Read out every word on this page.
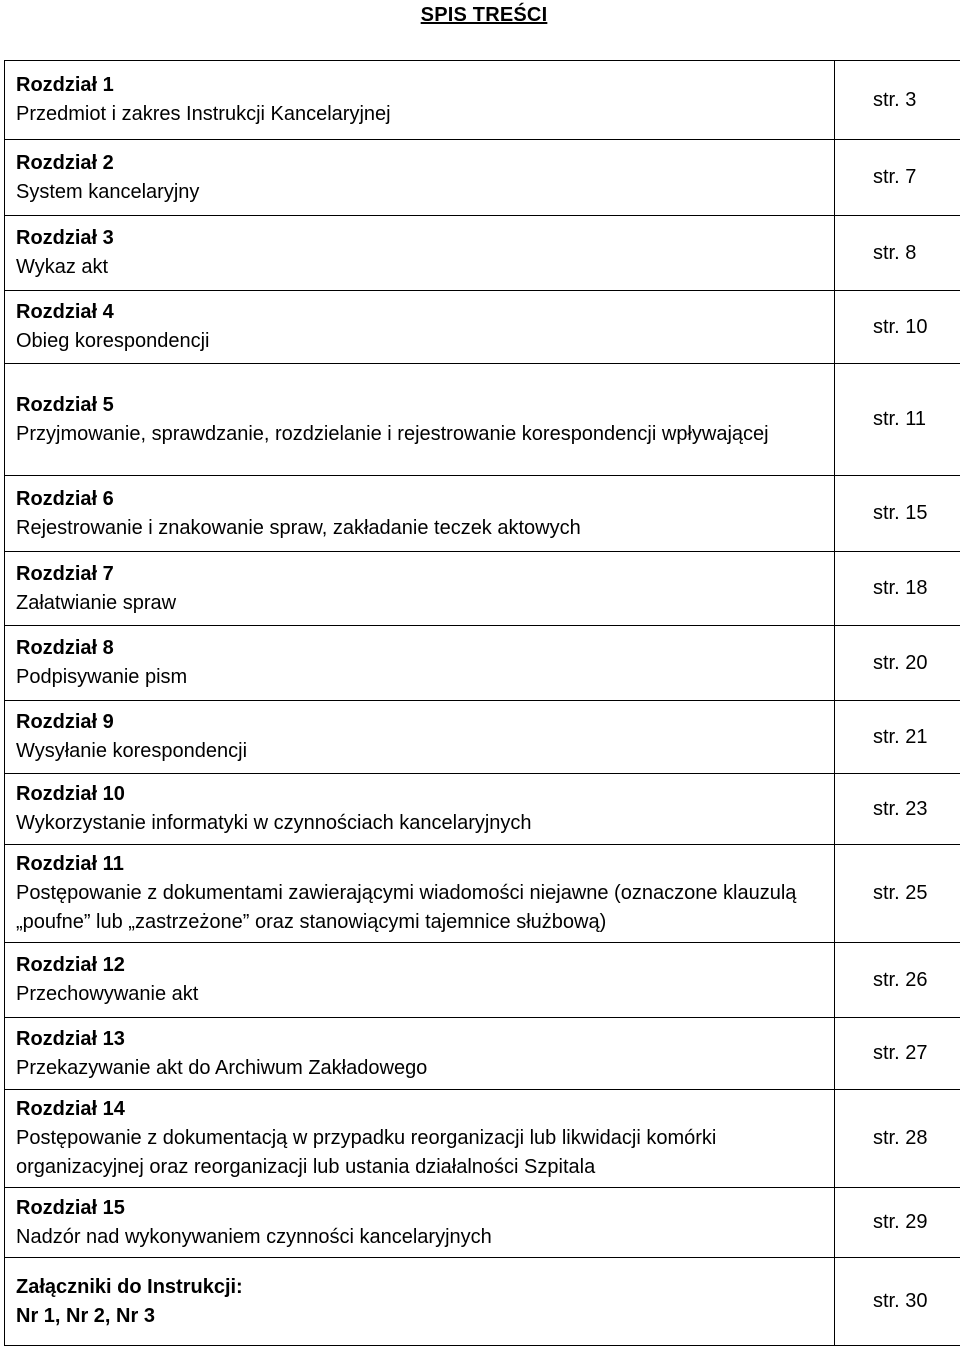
SPIS TREŚCI
Rozdział 1
Przedmiot i zakres Instrukcji Kancelaryjnej	str. 3

Rozdział 2
System kancelaryjny	str. 7

Rozdział 3
Wykaz akt	str. 8

Rozdział 4
Obieg korespondencji	str. 10

Rozdział 5
Przyjmowanie, sprawdzanie, rozdzielanie i rejestrowanie korespondencji wpływającej	str. 11

Rozdział 6
Rejestrowanie i znakowanie spraw, zakładanie teczek aktowych	str. 15

Rozdział 7
Załatwianie spraw	str. 18

Rozdział 8
Podpisywanie pism	str. 20

Rozdział 9
Wysyłanie korespondencji	str. 21

Rozdział 10
Wykorzystanie informatyki w czynnościach kancelaryjnych	str. 23

Rozdział 11
Postępowanie z dokumentami zawierającymi wiadomości niejawne (oznaczone klauzulą „poufne” lub „zastrzeżone” oraz stanowiącymi tajemnice służbową)	str. 25

Rozdział 12
Przechowywanie akt	str. 26

Rozdział 13
Przekazywanie akt do Archiwum Zakładowego	str. 27

Rozdział 14
Postępowanie z dokumentacją w przypadku reorganizacji lub likwidacji komórki organizacyjnej oraz reorganizacji lub ustania działalności Szpitala	str. 28

Rozdział 15
Nadzór nad wykonywaniem czynności kancelaryjnych	str. 29

Załączniki do Instrukcji:
Nr 1, Nr 2, Nr 3	str. 30
